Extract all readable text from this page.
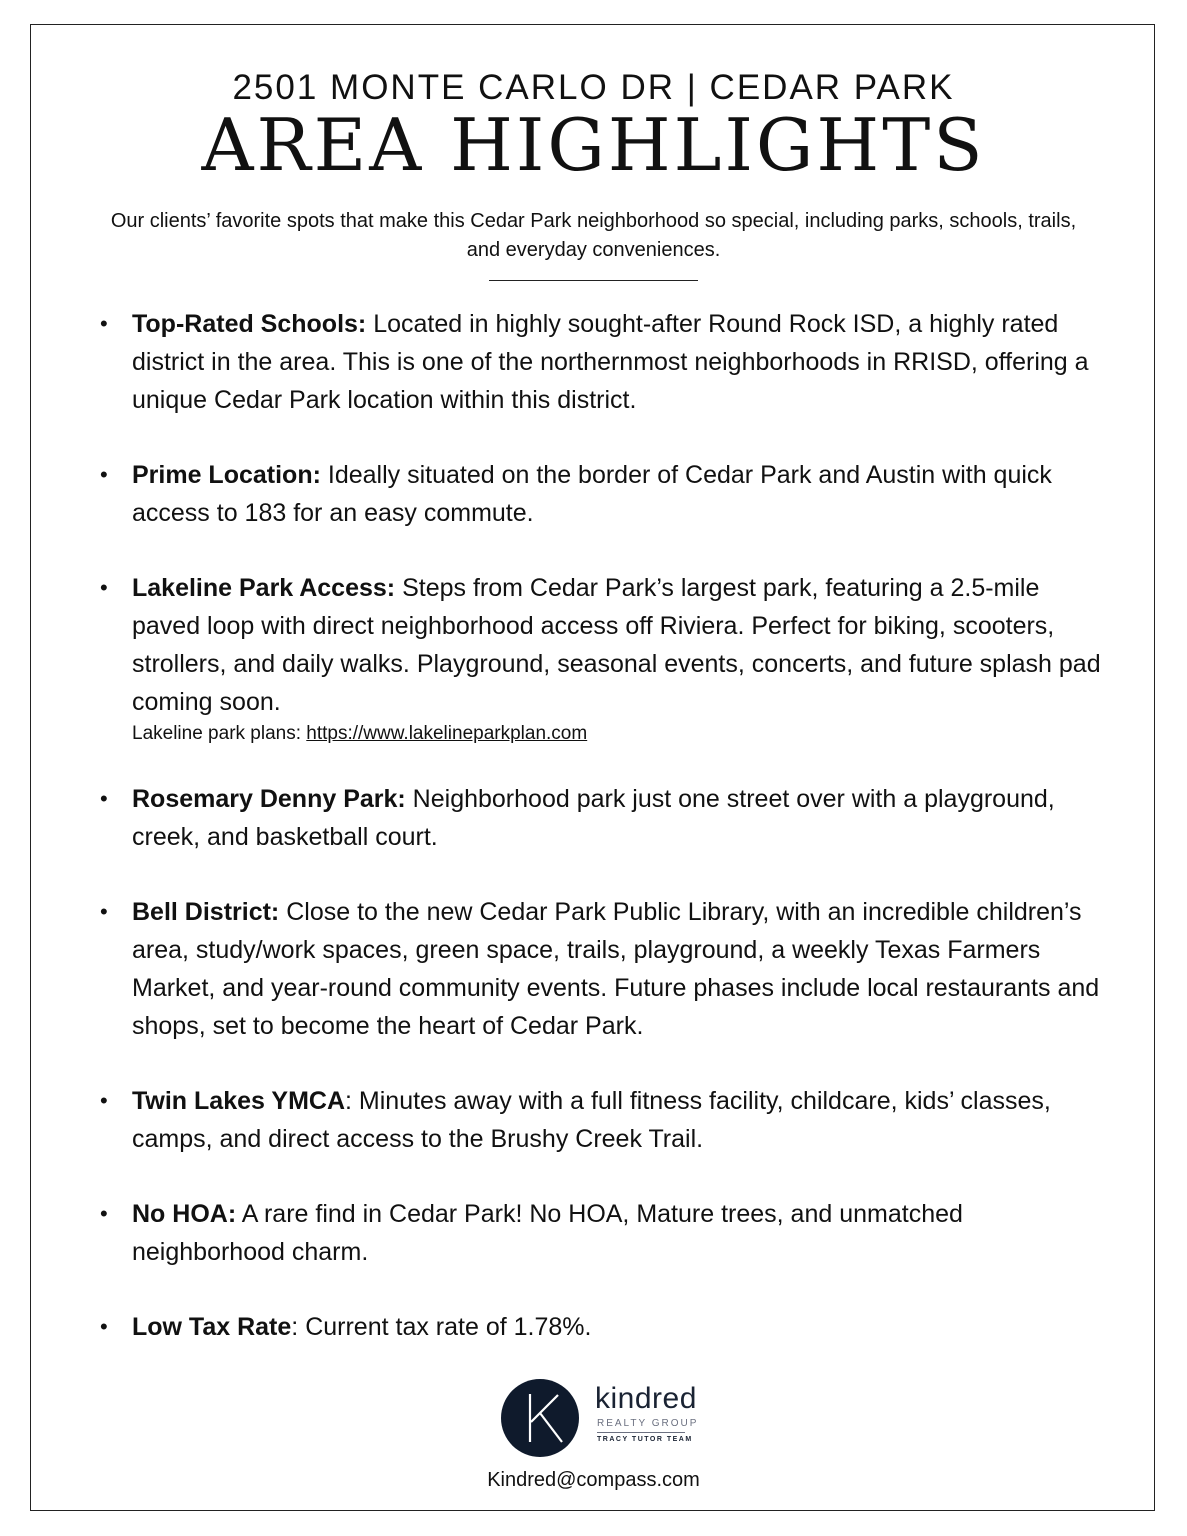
2501 MONTE CARLO DR | CEDAR PARK
AREA HIGHLIGHTS
Our clients’ favorite spots that make this Cedar Park neighborhood so special, including parks, schools, trails, and everyday conveniences.
• Top-Rated Schools: Located in highly sought-after Round Rock ISD, a highly rated district in the area. This is one of the northernmost neighborhoods in RRISD, offering a unique Cedar Park location within this district.
• Prime Location: Ideally situated on the border of Cedar Park and Austin with quick access to 183 for an easy commute.
• Lakeline Park Access: Steps from Cedar Park’s largest park, featuring a 2.5-mile paved loop with direct neighborhood access off Riviera. Perfect for biking, scooters, strollers, and daily walks. Playground, seasonal events, concerts, and future splash pad coming soon.
Lakeline park plans: https://www.lakelineparkplan.com
• Rosemary Denny Park: Neighborhood park just one street over with a playground, creek, and basketball court.
• Bell District: Close to the new Cedar Park Public Library, with an incredible children’s area, study/work spaces, green space, trails, playground, a weekly Texas Farmers Market, and year-round community events. Future phases include local restaurants and shops, set to become the heart of Cedar Park.
• Twin Lakes YMCA: Minutes away with a full fitness facility, childcare, kids’ classes, camps, and direct access to the Brushy Creek Trail.
• No HOA: A rare find in Cedar Park! No HOA, Mature trees, and unmatched neighborhood charm.
• Low Tax Rate: Current tax rate of 1.78%.
kindred
REALTY GROUP
TRACY TUTOR TEAM
Kindred@compass.com
